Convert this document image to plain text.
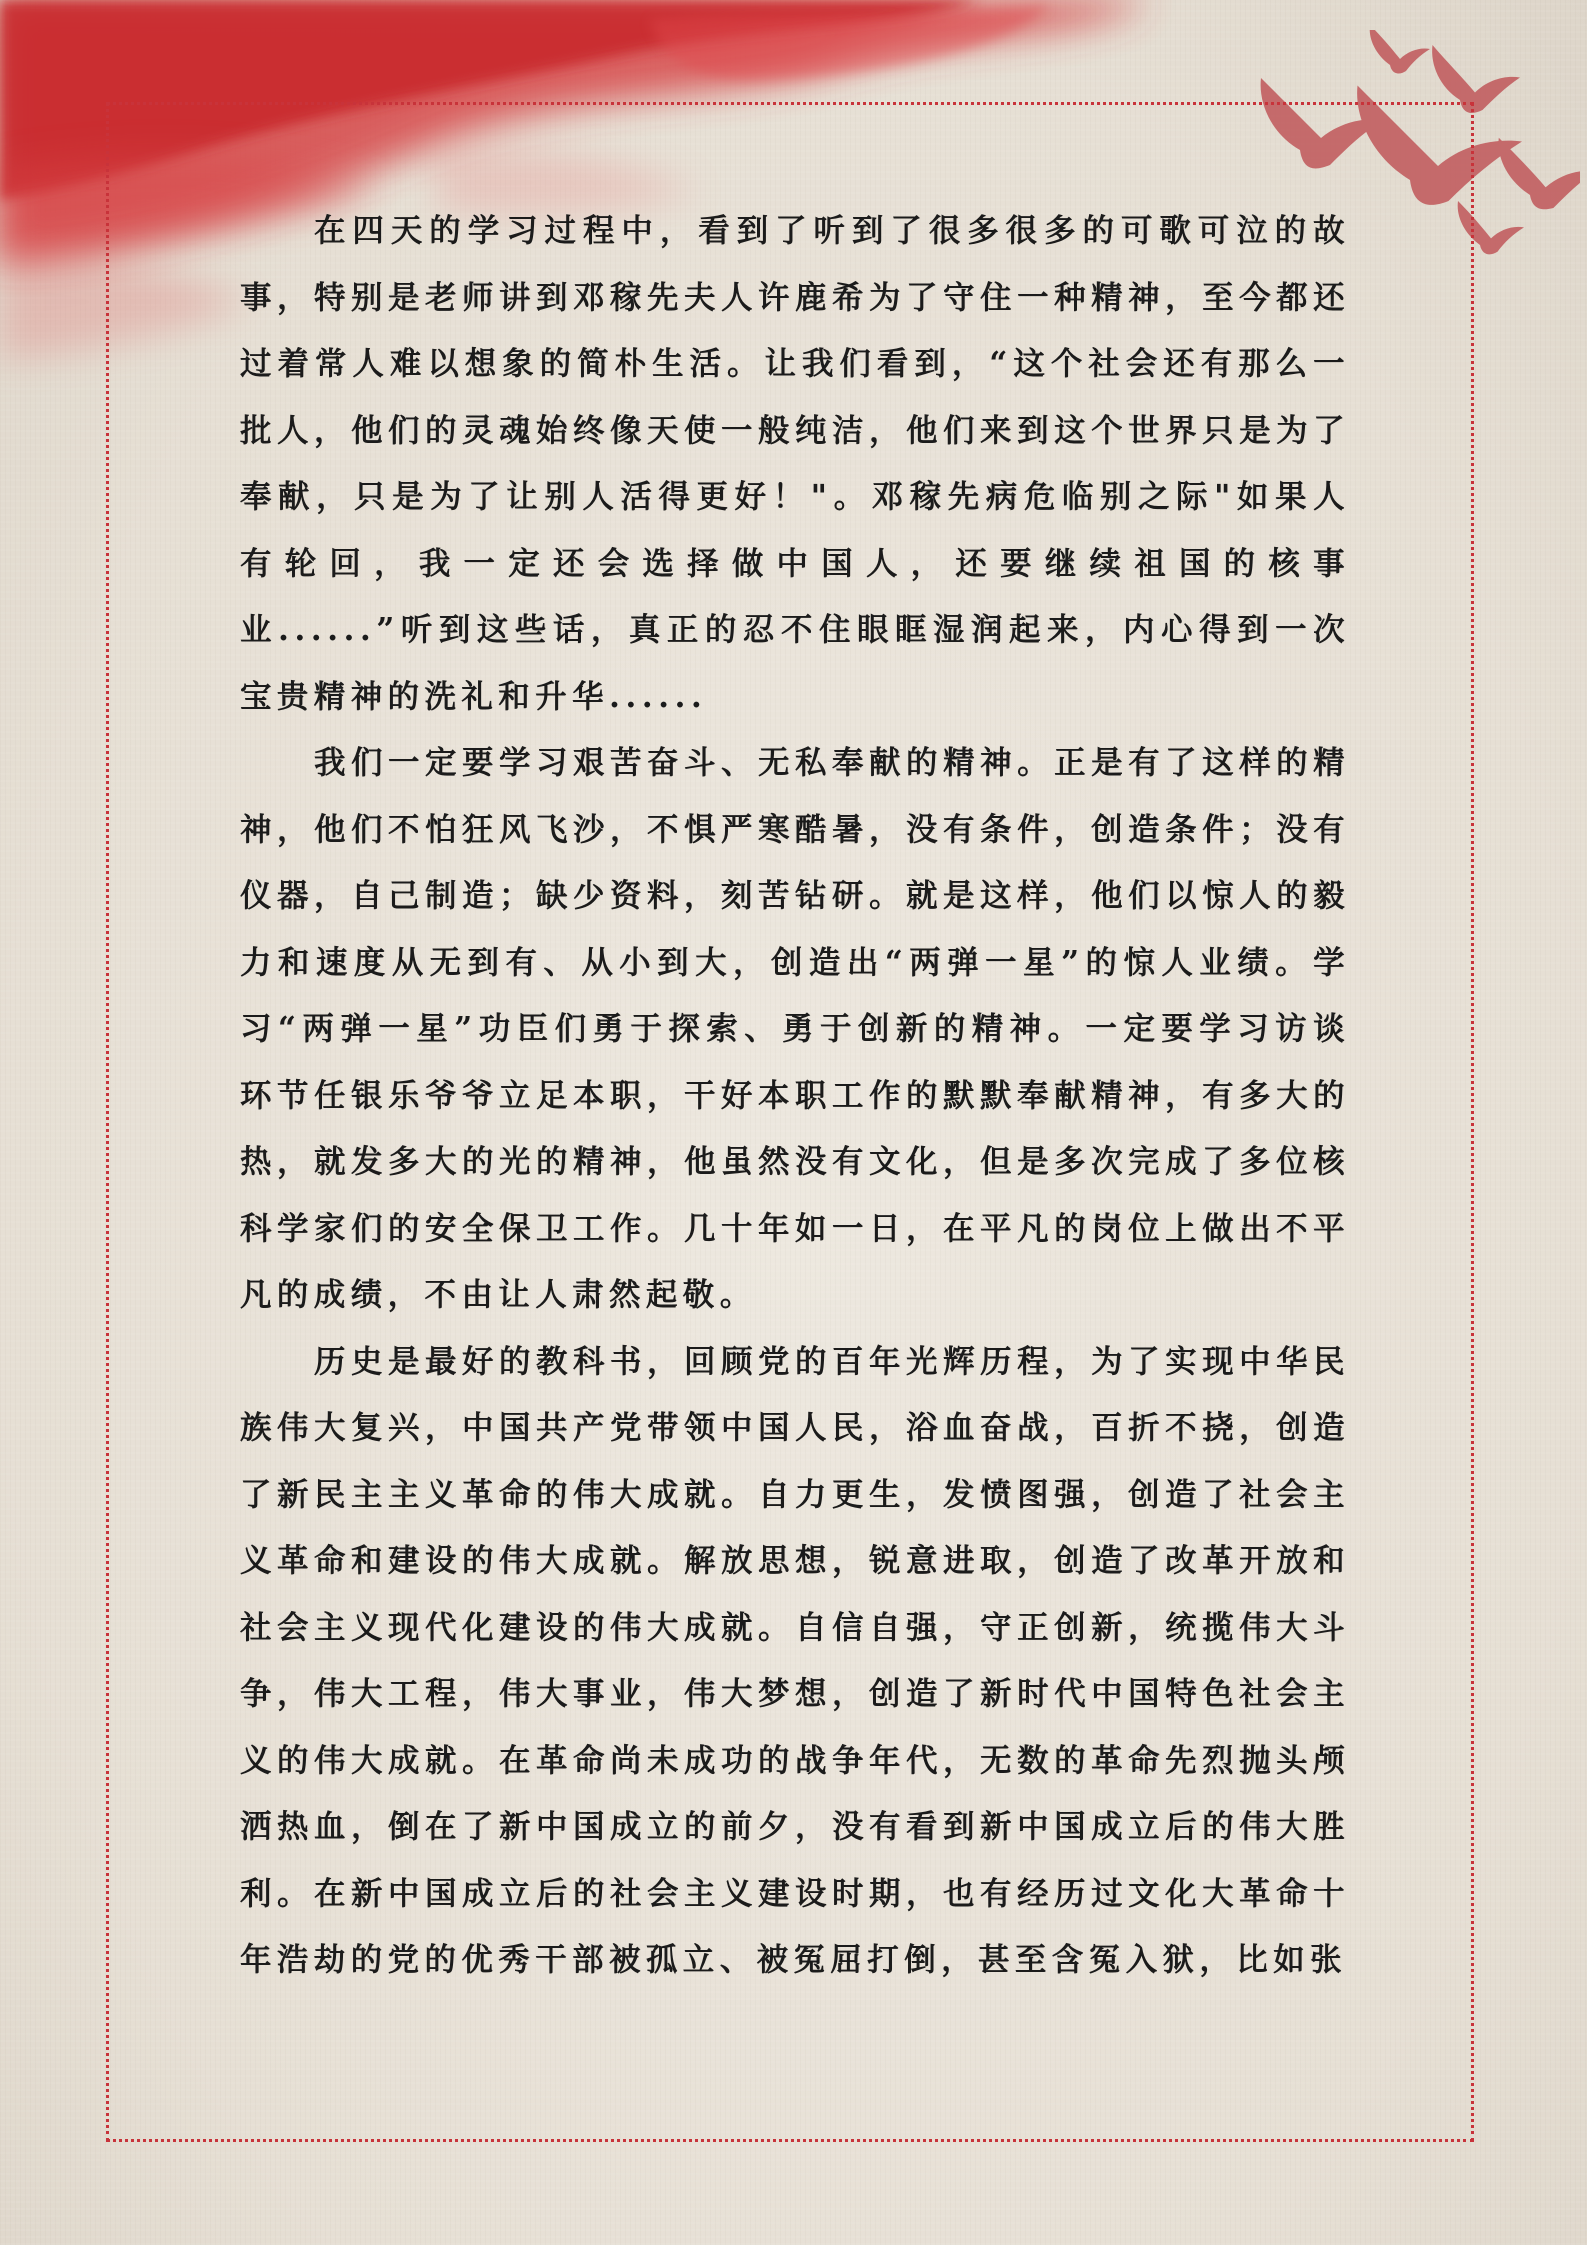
在四天的学习过程中，看到了听到了很多很多的可歌可泣的故事，特别是老师讲到邓稼先夫人许鹿希为了守住一种精神，至今都还过着常人难以想象的简朴生活。让我们看到，“这个社会还有那么一批人，他们的灵魂始终像天使一般纯洁，他们来到这个世界只是为了奉献，只是为了让别人活得更好！"。邓稼先病危临别之际"如果人有轮回，我一定还会选择做中国人，还要继续祖国的核事业......”听到这些话，真正的忍不住眼眶湿润起来，内心得到一次宝贵精神的洗礼和升华......

我们一定要学习艰苦奋斗、无私奉献的精神。正是有了这样的精神，他们不怕狂风飞沙，不惧严寒酷暑，没有条件，创造条件；没有仪器，自己制造；缺少资料，刻苦钻研。就是这样，他们以惊人的毅力和速度从无到有、从小到大，创造出“两弹一星”的惊人业绩。学习“两弹一星”功臣们勇于探索、勇于创新的精神。一定要学习访谈环节任银乐爷爷立足本职，干好本职工作的默默奉献精神，有多大的热，就发多大的光的精神，他虽然没有文化，但是多次完成了多位核科学家们的安全保卫工作。几十年如一日，在平凡的岗位上做出不平凡的成绩，不由让人肃然起敬。

历史是最好的教科书，回顾党的百年光辉历程，为了实现中华民族伟大复兴，中国共产党带领中国人民，浴血奋战，百折不挠，创造了新民主主义革命的伟大成就。自力更生，发愤图强，创造了社会主义革命和建设的伟大成就。解放思想，锐意进取，创造了改革开放和社会主义现代化建设的伟大成就。自信自强，守正创新，统揽伟大斗争，伟大工程，伟大事业，伟大梦想，创造了新时代中国特色社会主义的伟大成就。在革命尚未成功的战争年代，无数的革命先烈抛头颅洒热血，倒在了新中国成立的前夕，没有看到新中国成立后的伟大胜利。在新中国成立后的社会主义建设时期，也有经历过文化大革命十年浩劫的党的优秀干部被孤立、被冤屈打倒，甚至含冤入狱，比如张
